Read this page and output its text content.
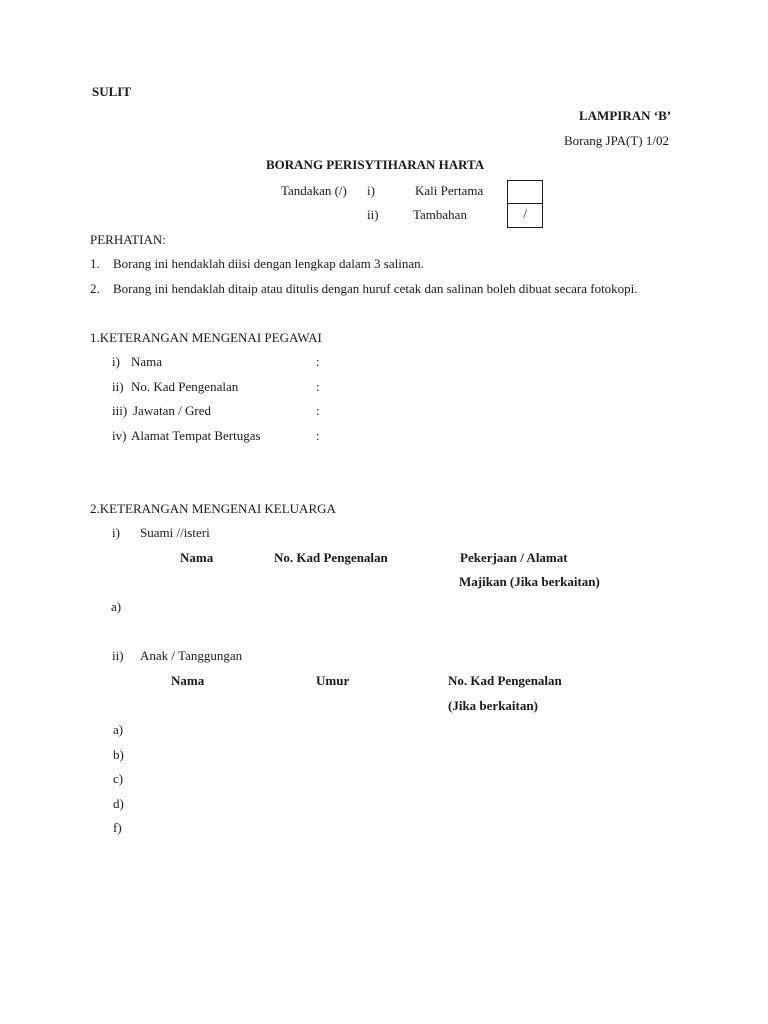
SULIT
LAMPIRAN ‘B’
Borang JPA(T) 1/02
BORANG PERISYTIHARAN HARTA
Tandakan (/) i)	Kali Pertama
ii)	Tambahan	/
PERHATIAN:
1. Borang ini hendaklah diisi dengan lengkap dalam 3 salinan.
2. Borang ini hendaklah ditaip atau ditulis dengan huruf cetak dan salinan boleh dibuat secara fotokopi.
1.KETERANGAN MENGENAI PEGAWAI
i) Nama	:
ii) No. Kad Pengenalan	:
iii) Jawatan / Gred	:
iv) Alamat Tempat Bertugas	:
2.KETERANGAN MENGENAI KELUARGA
i) Suami //isteri
Nama	No. Kad Pengenalan	Pekerjaan / Alamat
Majikan (Jika berkaitan)
a)
ii) Anak / Tanggungan
Nama	Umur	No. Kad Pengenalan
(Jika berkaitan)
a)
b)
c)
d)
f)
